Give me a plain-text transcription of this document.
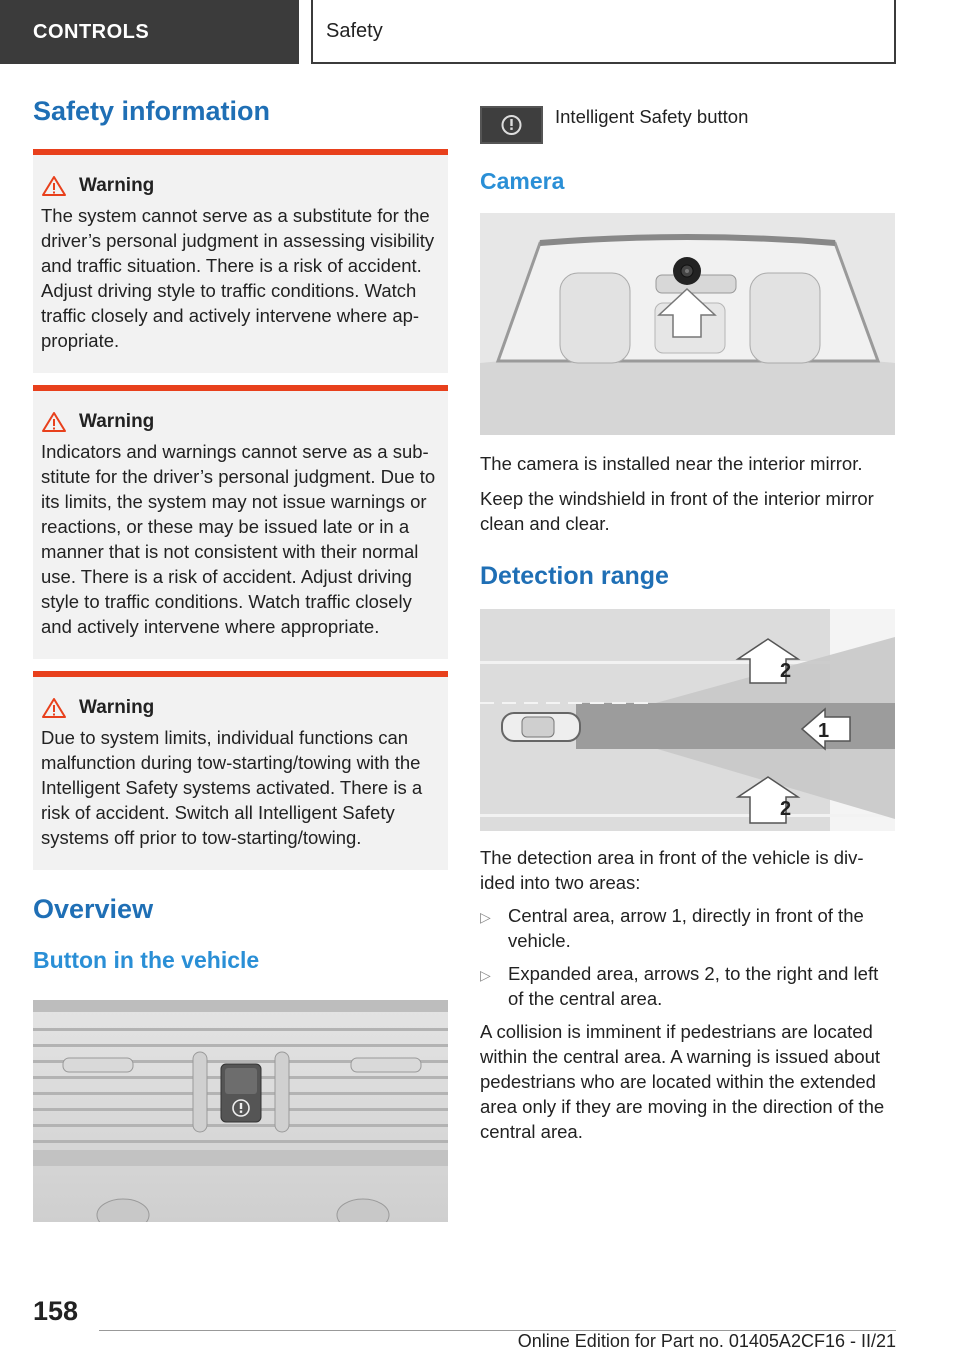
CONTROLS	Safety
Safety information
Warning
The system cannot serve as a substitute for the driver’s personal judgment in assessing visibility and traffic situation. There is a risk of accident. Adjust driving style to traffic conditions. Watch traffic closely and actively intervene where ap‐propriate.
Warning
Indicators and warnings cannot serve as a sub‐stitute for the driver’s personal judgment. Due to its limits, the system may not issue warnings or reactions, or these may be issued late or in a manner that is not consistent with their normal use. There is a risk of accident. Adjust driving style to traffic conditions. Watch traffic closely and actively intervene where appropriate.
Warning
Due to system limits, individual functions can malfunction during tow-starting/towing with the Intelligent Safety systems activated. There is a risk of accident. Switch all Intelligent Safety systems off prior to tow-starting/towing.
Overview
Button in the vehicle
Intelligent Safety button
Camera

The camera is installed near the interior mirror.

Keep the windshield in front of the interior mirror clean and clear.

Detection range
2
1
2

The detection area in front of the vehicle is div‐ided into two areas:

▷ Central area, arrow 1, directly in front of the vehicle.
▷ Expanded area, arrows 2, to the right and left of the central area.

A collision is imminent if pedestrians are located within the central area. A warning is issued about pedestrians who are located within the extended area only if they are moving in the direction of the central area.

158
Online Edition for Part no. 01405A2CF16 - II/21
